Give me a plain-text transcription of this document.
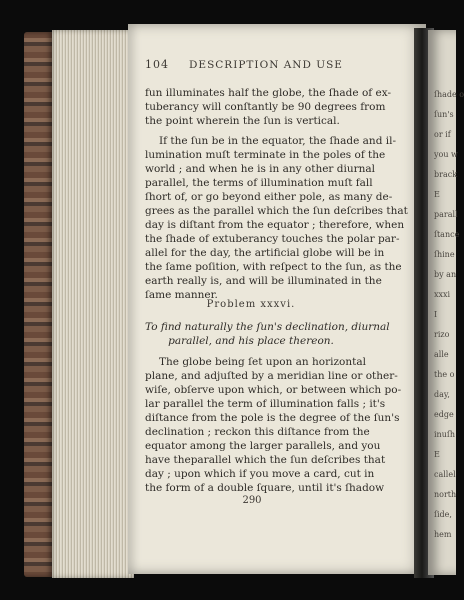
ſhade o
ſun's
or if
you w
brack
E
parall
ſtance
ſhine
by an
xxxi
I
rizo
alle
the o
day,
edge
inuſh
E
callel
north
ſide,
hem
104 DESCRIPTION AND USE
fun illuminates half the globe, the ſhade of ex-
tuberancy will conſtantly be 90 degrees from
the point wherein the ſun is vertical.
If the ſun be in the equator, the ſhade and il-
lumination muſt terminate in the poles of the
world ; and when he is in any other diurnal
parallel, the terms of illumination muſt fall
ſhort of, or go beyond either pole, as many de-
grees as the parallel which the ſun deſcribes that
day is diſtant from the equator ; therefore, when
the ſhade of extuberancy touches the polar par-
allel for the day, the artificial globe will be in
the ſame poſition, with reſpect to the ſun, as the
Problem xxxvi.
To find naturally the ſun's declination, diurnal
parallel, and his place thereon.
The globe being ſet upon an horizontal
plane, and adjuſted by a meridian line or other-
wiſe, obſerve upon which, or between which po-
lar parallel the term of illumination falls ; it's
diſtance from the pole is the degree of the ſun's
declination ; reckon this diſtance from the
equator among the larger parallels, and you
have theparallel which the ſun deſcribes that
290
earth really is, and will be illuminated in the
ſame manner.
day ; upon which if you move a card, cut in
the form of a double ſquare, until it's ſhadow
